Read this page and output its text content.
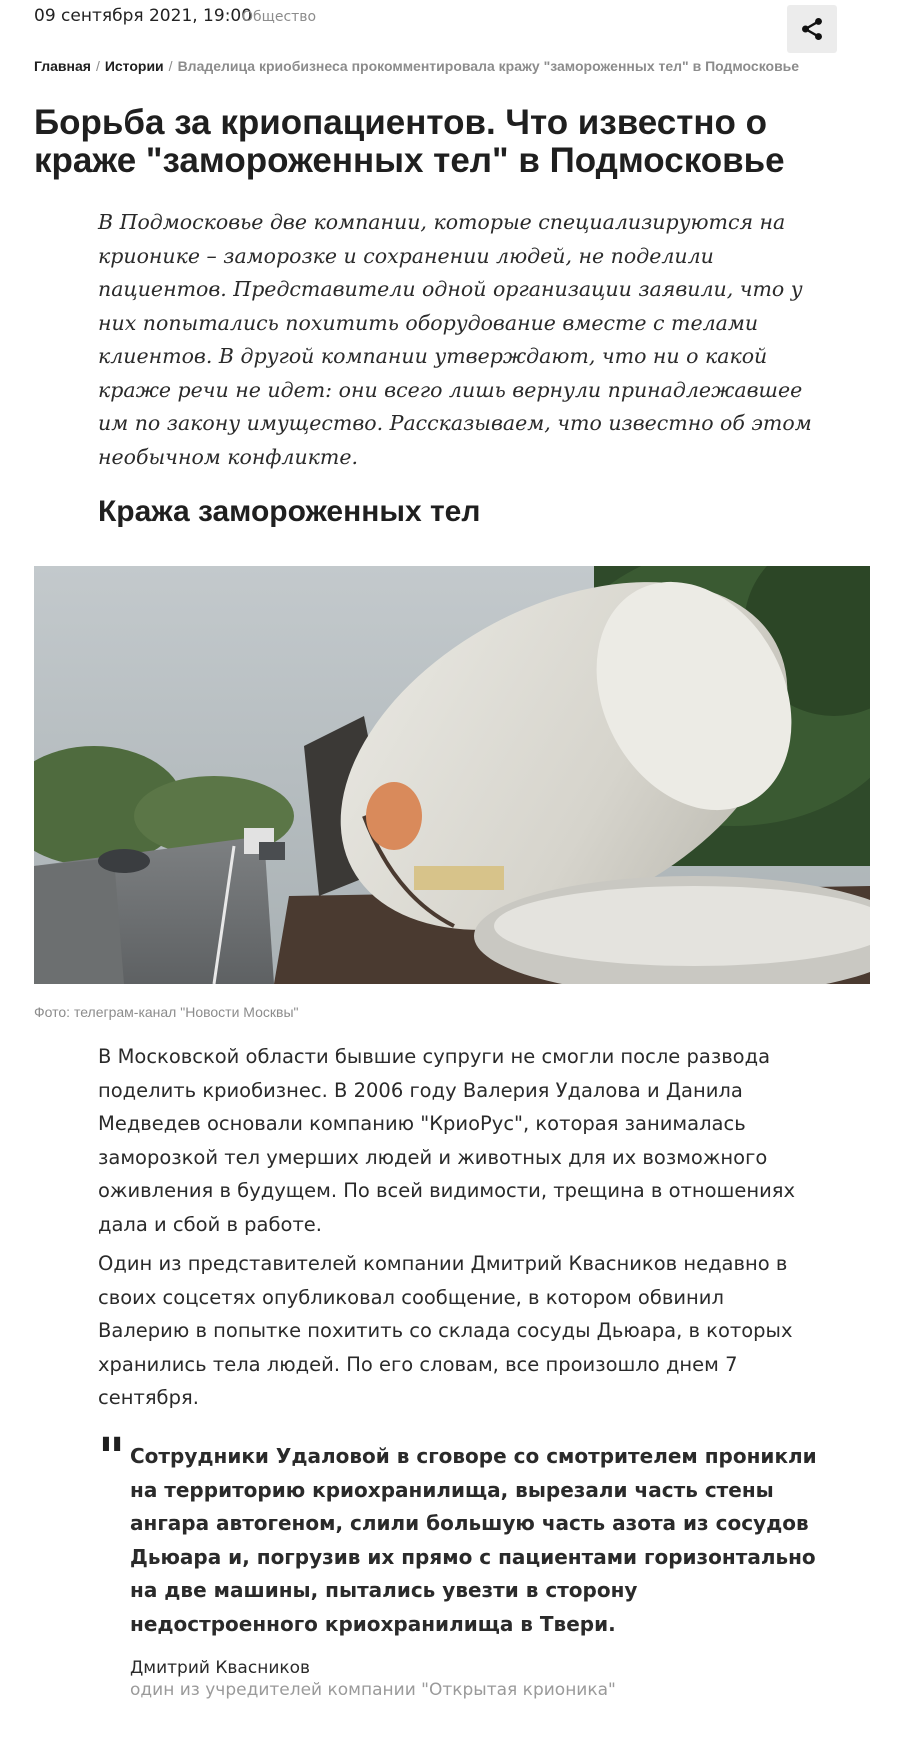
09 сентября 2021, 19:00
Общество
Главная / Истории / Владелица криобизнеса прокомментировала кражу "замороженных тел" в Подмосковье
Борьба за криопациентов. Что известно о краже "замороженных тел" в Подмосковье

В Подмосковье две компании, которые специализируются на крионике – заморозке и сохранении людей, не поделили пациентов. Представители одной организации заявили, что у них попытались похитить оборудование вместе с телами клиентов. В другой компании утверждают, что ни о какой краже речи не идет: они всего лишь вернули принадлежавшее им по закону имущество. Рассказываем, что известно об этом необычном конфликте.

Кража замороженных тел
Фото: телеграм-канал "Новости Москвы"

В Московской области бывшие супруги не смогли после развода поделить криобизнес. В 2006 году Валерия Удалова и Данила Медведев основали компанию "КриоРус", которая занималась заморозкой тел умерших людей и животных для их возможного оживления в будущем. По всей видимости, трещина в отношениях дала и сбой в работе.

Один из представителей компании Дмитрий Квасников недавно в своих соцсетях опубликовал сообщение, в котором обвинил Валерию в попытке похитить со склада сосуды Дьюара, в которых хранились тела людей. По его словам, все произошло днем 7 сентября.

" Сотрудники Удаловой в сговоре со смотрителем проникли на территорию криохранилища, вырезали часть стены ангара автогеном, слили большую часть азота из сосудов Дьюара и, погрузив их прямо с пациентами горизонтально на две машины, пытались увезти в сторону недостроенного криохранилища в Твери.

Дмитрий Квасников
один из учредителей компании "Открытая крионика"
